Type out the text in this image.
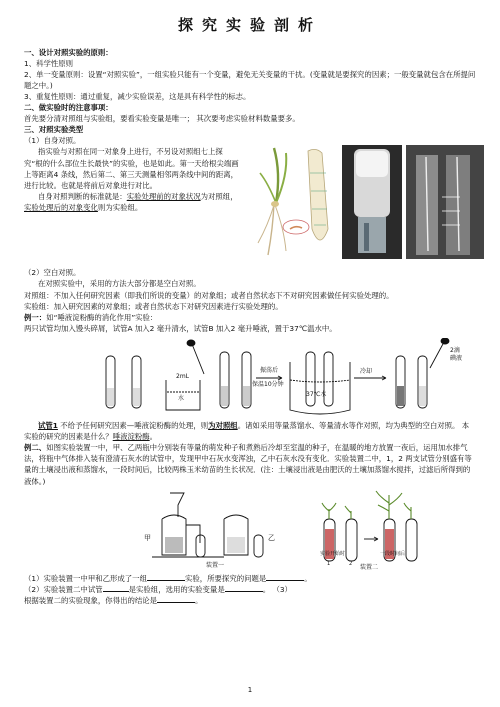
探究实验剖析

一、设计对照实验的原则：

1、科学性原则

2、单一变量原则：设置“对照实验”，一组实验只能有一个变量，避免无关变量的干扰。(变量就是要探究的因素；一般变量就包含在所提问题之中。)

3、重复性原则：通过重复，减少实验误差，这是具有科学性的标志。

二、做实验时的注意事项：

首先要分清对照组与实验组，要看实验变量是唯一； 其次要考虑实验材料数量要多。

三、对照实验类型

（1）自身对照。

指实验与对照在同一对象身上进行，不另设对照组七上探究“根的什么部位生长最快”的实验，也是如此。第一天给根尖端画上等距离4 条线，然后第二、第三天测量相邻两条线中间的距离，进行比较。也就是将前后对象进行对比。

自身对照判断的标准就是：实验处理前的对象状况为对照组，实验处理后的对象变化则为实验组。

（2）空白对照。

在对照实验中，采用的方法大部分都是空白对照。

对照组：不加入任何研究因素（即我们所说的变量）的对象组；或者自然状态下不对研究因素做任何实验处理的。

实验组：加入研究因素的对象组；或者自然状态下对研究因素进行实验处理的。

例一：如“唾液淀粉酶的消化作用”实验：

两只试管均加入馒头碎屑，试管A 加入2 毫升清水，试管B 加入2 毫升唾液，置于37℃温水中。

2mL
水
振荡后
保温10分钟
37℃水
冷却
2滴
碘液

试管1 不给予任何研究因素—唾液淀粉酶的处理，则为对照组。诸如采用等量蒸馏水、等量清水等作对照，均为典型的空白对照。 本实验的研究的因素是什么？唾液淀粉酶。

例二、如图实验装置一中，甲、乙两瓶中分别装有等量的萌发种子和煮熟后冷却至室温的种子，在温暖的地方放置一夜后，运用加水排气法，将瓶中气体排入装有澄清石灰水的试管中，发现甲中石灰水变浑浊，乙中石灰水没有变化．实验装置二中，1，2 两支试管分别盛有等量的土壤浸出液和蒸馏水，一段时间后，比较两株玉米幼苗的生长状况．(注：土壤浸出液是由肥沃的土壤加蒸馏水搅拌，过滤后所得到的液体。)

甲	乙
装置一	装置二
实验开始时	一段时间后
1	2

（1）实验装置一中甲和乙形成了一组	实验，所要探究的问题是	。

（2）实验装置二中试管	是实验组，选用的实验变量是	。 （3）

根据装置二的实验现象，你得出的结论是	。

1
